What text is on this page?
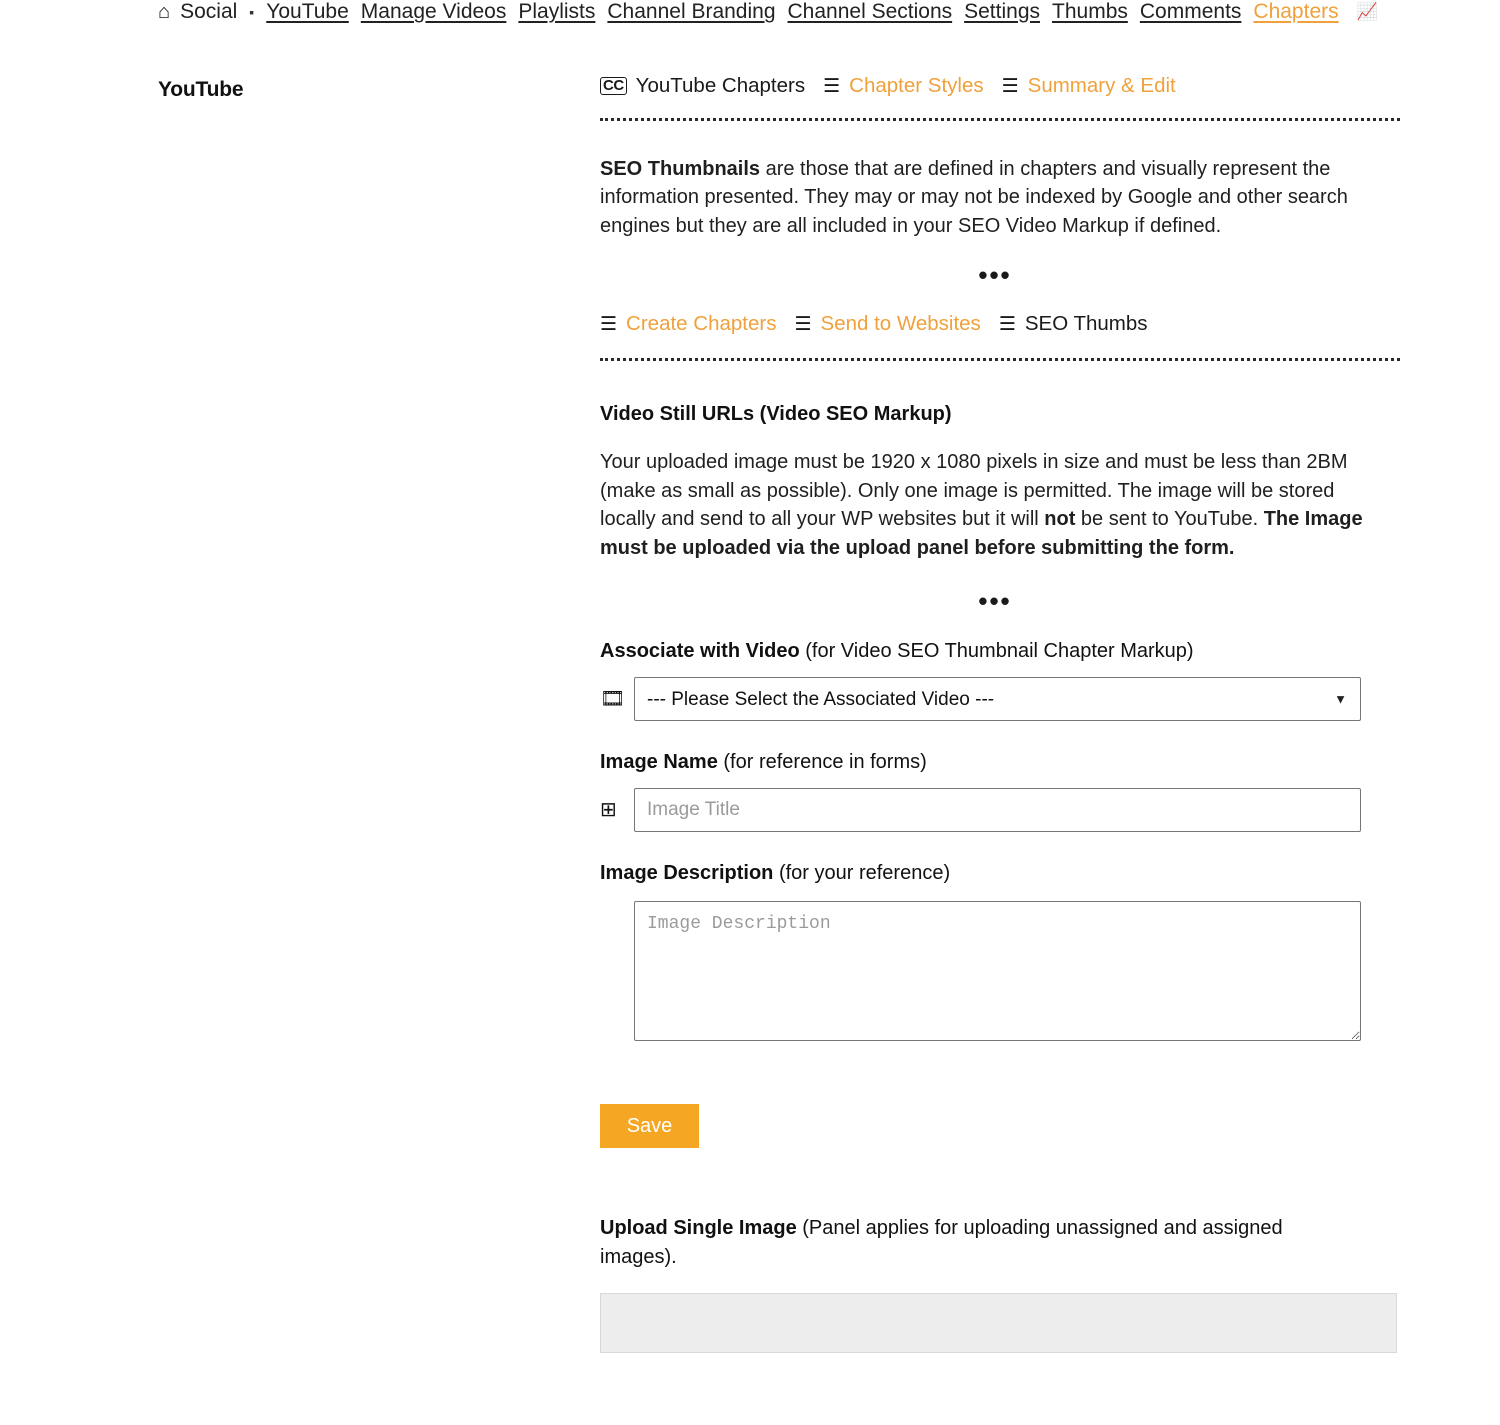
⌂ Social ▪ YouTube Manage Videos Playlists Channel Branding Channel Sections Settings Thumbs Comments Chapters 📈
YouTube	CC YouTube Chapters ☰ Chapter Styles ☰ Summary & Edit
SEO Thumbnails are those that are defined in chapters and visually represent the information presented. They may or may not be indexed by Google and other search engines but they are all included in your SEO Video Markup if defined.
•••
☰ Create Chapters ☰ Send to Websites ☰ SEO Thumbs
Video Still URLs (Video SEO Markup)
Your uploaded image must be 1920 x 1080 pixels in size and must be less than 2BM (make as small as possible). Only one image is permitted. The image will be stored locally and send to all your WP websites but it will not be sent to YouTube. The Image must be uploaded via the upload panel before submitting the form.
•••
Associate with Video (for Video SEO Thumbnail Chapter Markup)
🎞
--- Please Select the Associated Video ---	▼
Image Name (for reference in forms)
⊞
Image Title
Image Description (for your reference)
Image Description
Save
Upload Single Image (Panel applies for uploading unassigned and assigned images).
